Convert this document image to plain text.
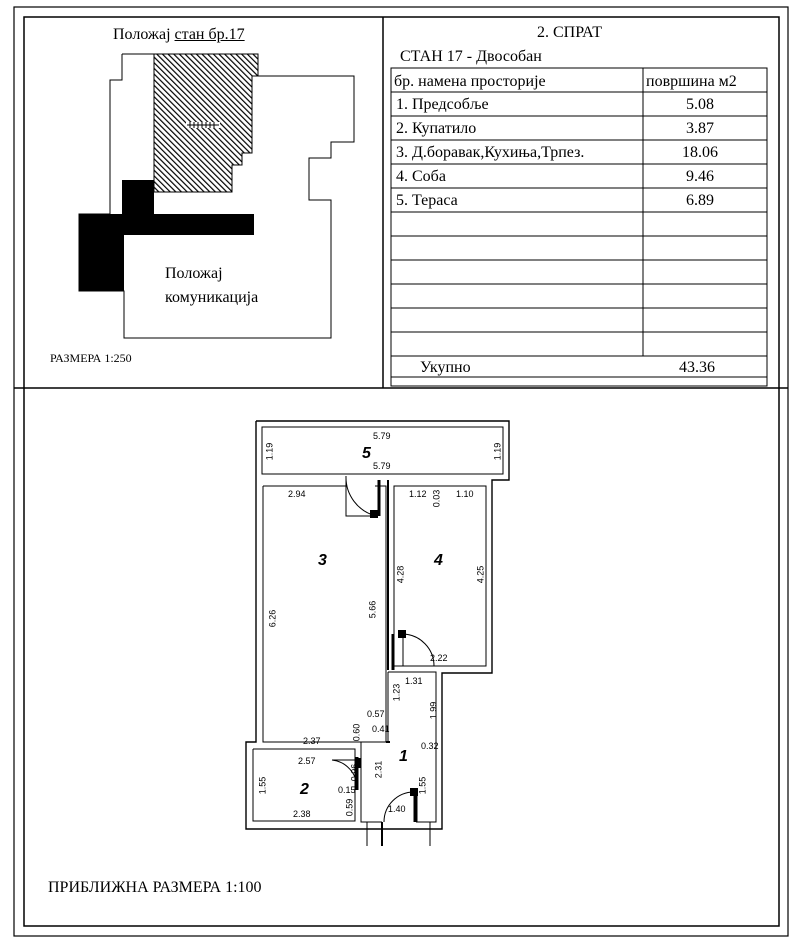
Положај стан бр.17
Положај
комуникација
РАЗМЕРА 1:250
2. СПРАТ
СТАН 17 - Двособан
бр. намена просторије	површина м2
1. Предсобље	5.08
2. Купатило	3.87
3. Д.боравак,Кухиња,Трпез.	18.06
4. Соба	9.46
5. Тераса	6.89
Укупно	43.36
5
3	4
1
2
5.79
5.79
2.94	1.12	1.10
2.22
1.31
0.57
0.41
2.37	0.32
2.57
0.15
2.38	1.40
1.19	1.19
0.03
4.28	4.25
6.26
5.66
1.23
1.99
0.60
0.96 2.31
1.55
1.55
0.59
ПРИБЛИЖНА РАЗМЕРА 1:100
